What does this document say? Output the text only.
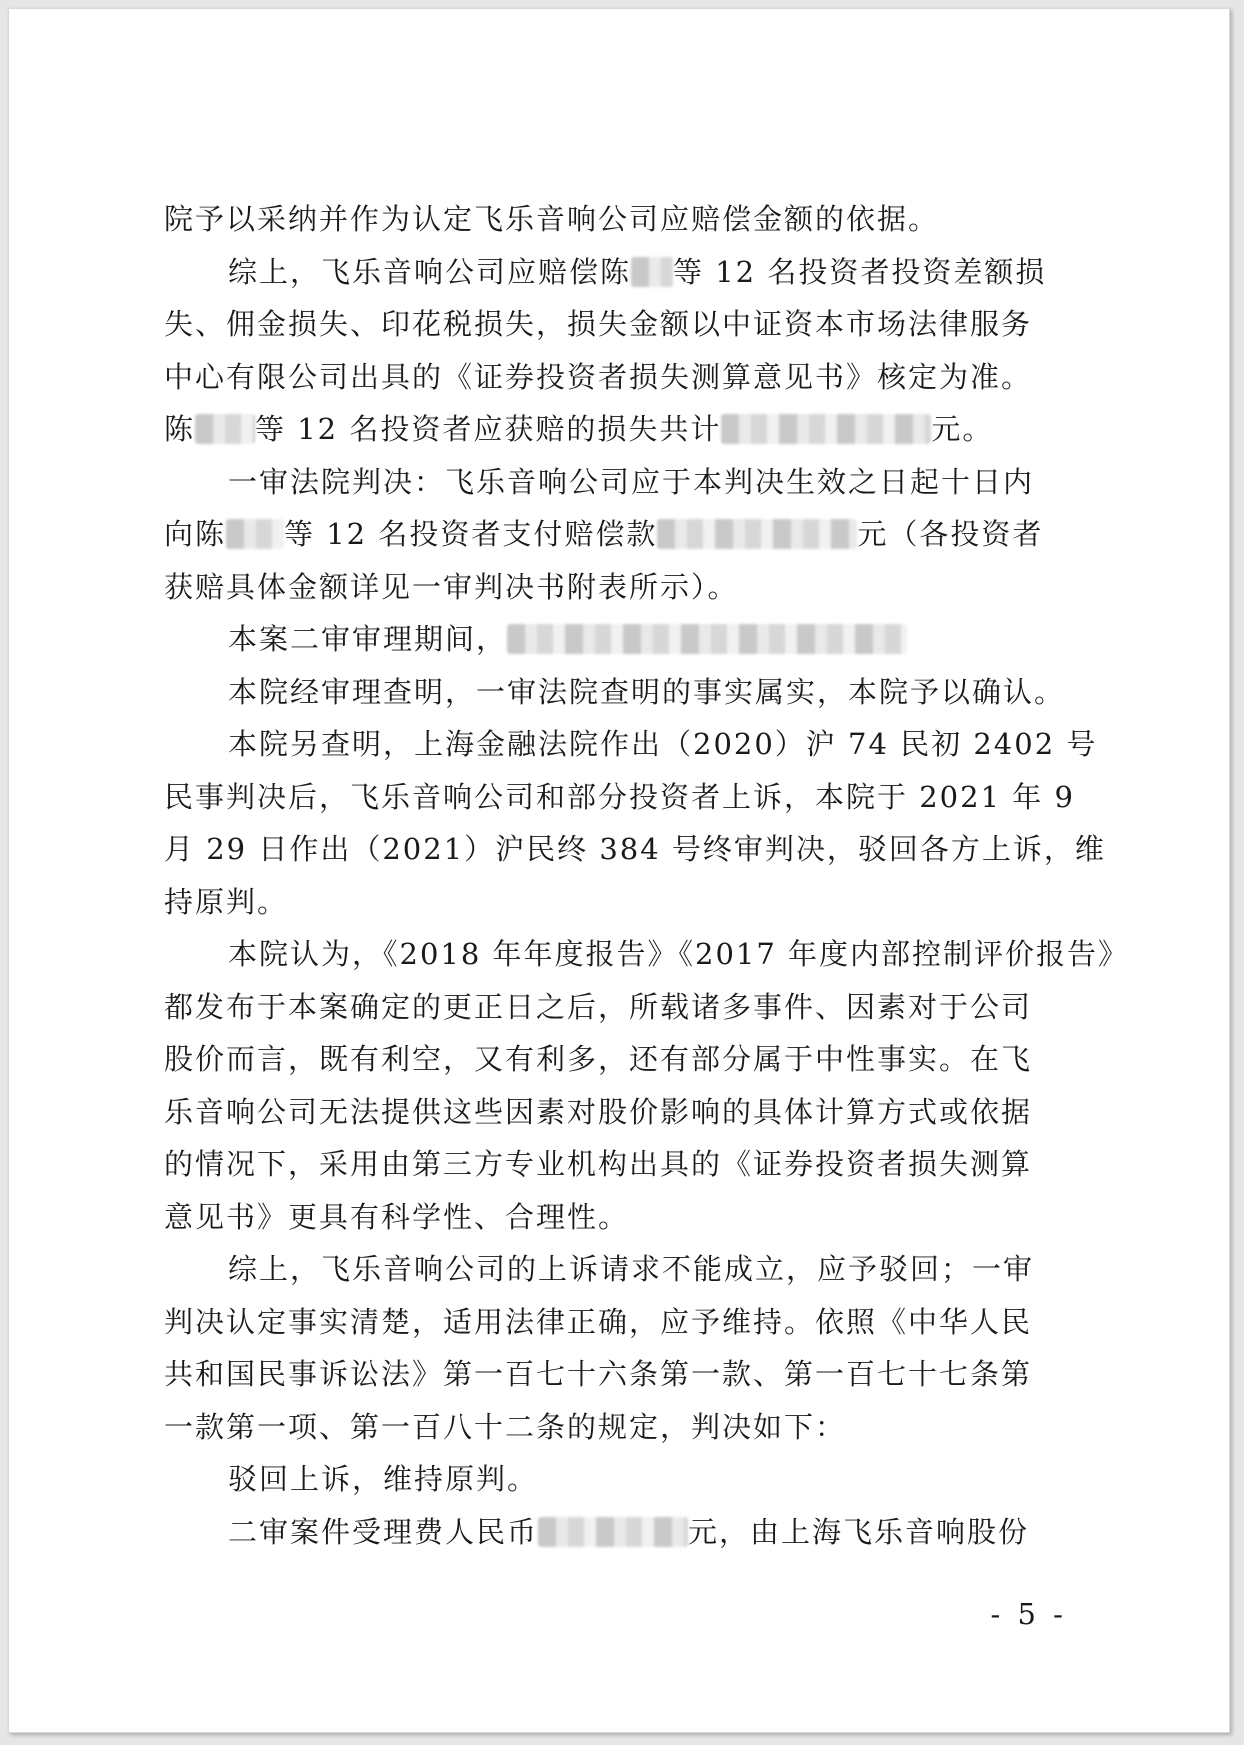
院予以采纳并作为认定飞乐音响公司应赔偿金额的依据。
综上，飞乐音响公司应赔偿陈 等 12 名投资者投资差额损
失、佣金损失、印花税损失，损失金额以中证资本市场法律服务
中心有限公司出具的《证券投资者损失测算意见书》核定为准。
陈 等 12 名投资者应获赔的损失共计	元。
一审法院判决：飞乐音响公司应于本判决生效之日起十日内
向陈 等 12 名投资者支付赔偿款	元（各投资者
获赔具体金额详见一审判决书附表所示）。
本案二审审理期间，
本院经审理查明，一审法院查明的事实属实，本院予以确认。
本院另查明，上海金融法院作出（2020）沪 74 民初 2402 号
民事判决后，飞乐音响公司和部分投资者上诉，本院于 2021 年 9
月 29 日作出（2021）沪民终 384 号终审判决，驳回各方上诉，维
持原判。
本院认为，《2018 年年度报告》《2017 年度内部控制评价报告》
都发布于本案确定的更正日之后，所载诸多事件、因素对于公司
股价而言，既有利空，又有利多，还有部分属于中性事实。在飞
乐音响公司无法提供这些因素对股价影响的具体计算方式或依据
的情况下，采用由第三方专业机构出具的《证券投资者损失测算
意见书》更具有科学性、合理性。
综上，飞乐音响公司的上诉请求不能成立，应予驳回；一审
判决认定事实清楚，适用法律正确，应予维持。依照《中华人民
共和国民事诉讼法》第一百七十六条第一款、第一百七十七条第
一款第一项、第一百八十二条的规定，判决如下：
驳回上诉，维持原判。
二审案件受理费人民币	元，由上海飞乐音响股份
- 5 -
